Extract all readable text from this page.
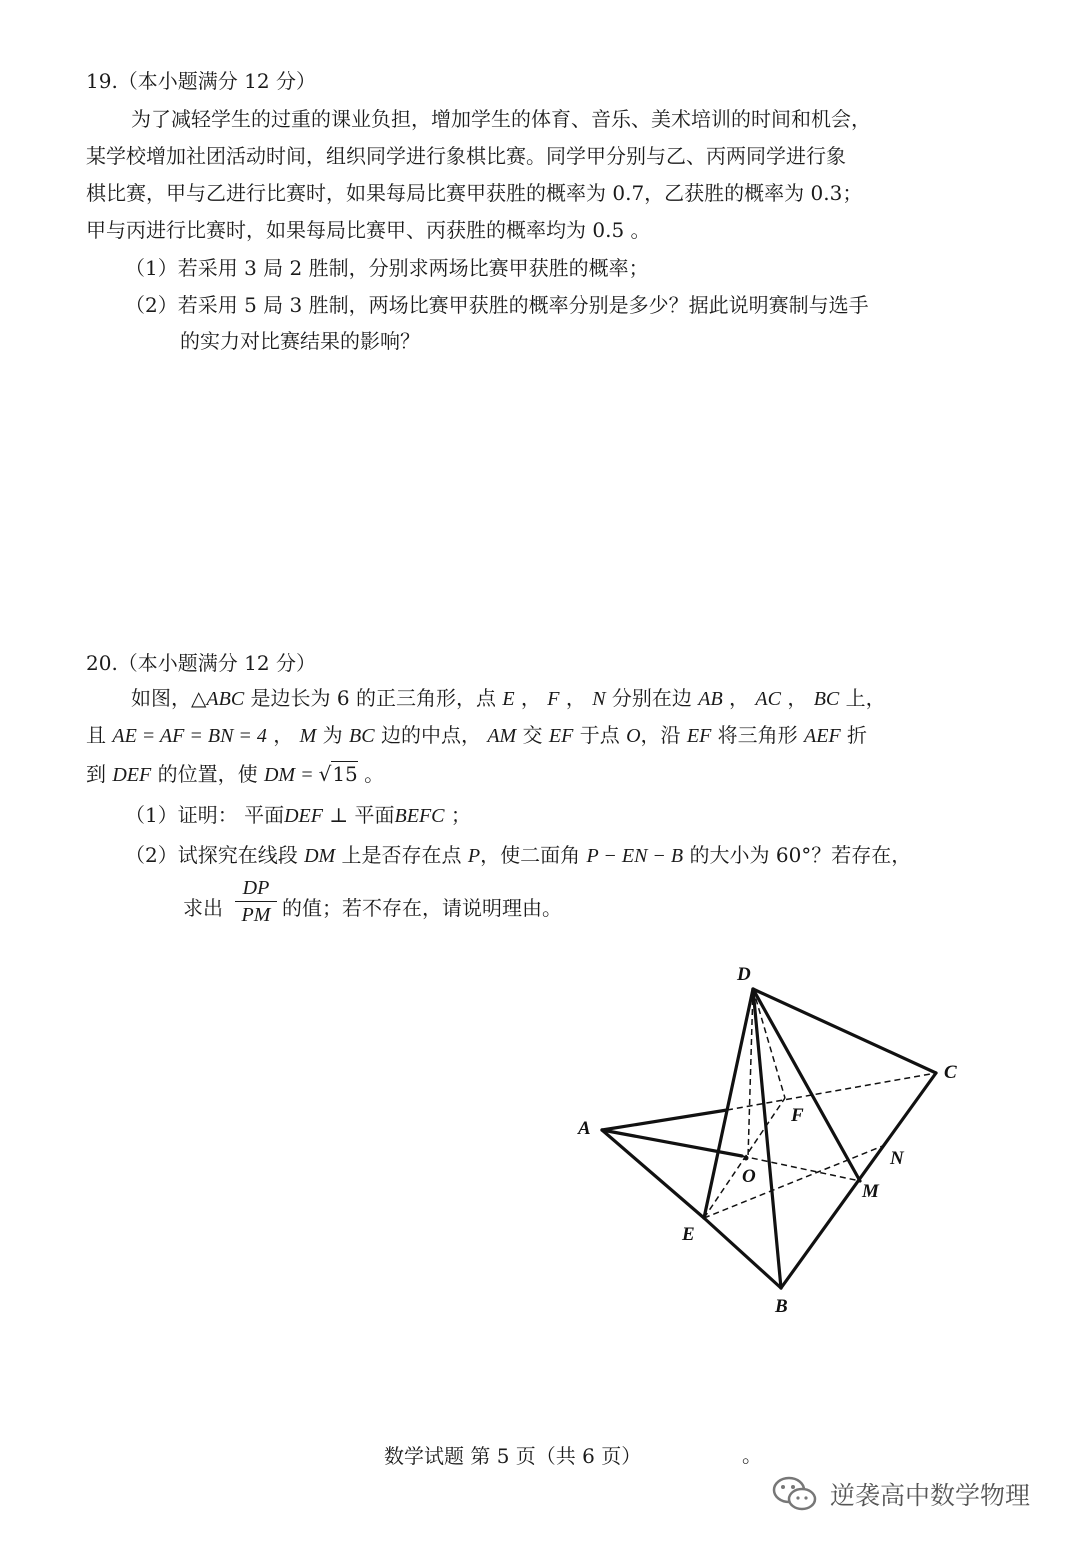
19.（本小题满分 12 分）
为了减轻学生的过重的课业负担，增加学生的体育、音乐、美术培训的时间和机会，
某学校增加社团活动时间，组织同学进行象棋比赛。同学甲分别与乙、丙两同学进行象
棋比赛，甲与乙进行比赛时，如果每局比赛甲获胜的概率为 0.7，乙获胜的概率为 0.3；
甲与丙进行比赛时，如果每局比赛甲、丙获胜的概率均为 0.5 。
（1）若采用 3 局 2 胜制，分别求两场比赛甲获胜的概率；
（2）若采用 5 局 3 胜制，两场比赛甲获胜的概率分别是多少？据此说明赛制与选手
的实力对比赛结果的影响？
20.（本小题满分 12 分）
如图，△ABC 是边长为 6 的正三角形，点 E ， F ， N 分别在边 AB ， AC ， BC 上，
且 AE = AF = BN = 4 ， M 为 BC 边的中点， AM 交 EF 于点 O，沿 EF 将三角形 AEF 折
到 DEF 的位置，使 DM = √15 。
（1）证明： 平面DEF ⊥ 平面BEFC ；
（2）试探究在线段 DM 上是否存在点 P，使二面角 P − EN − B 的大小为 60°？若存在，
求出
DP
PM 的值；若不存在，请说明理由。
D
C
F
A
O
N
M
E
B
数学试题 第 5 页（共 6 页）	。
逆袭高中数学物理
